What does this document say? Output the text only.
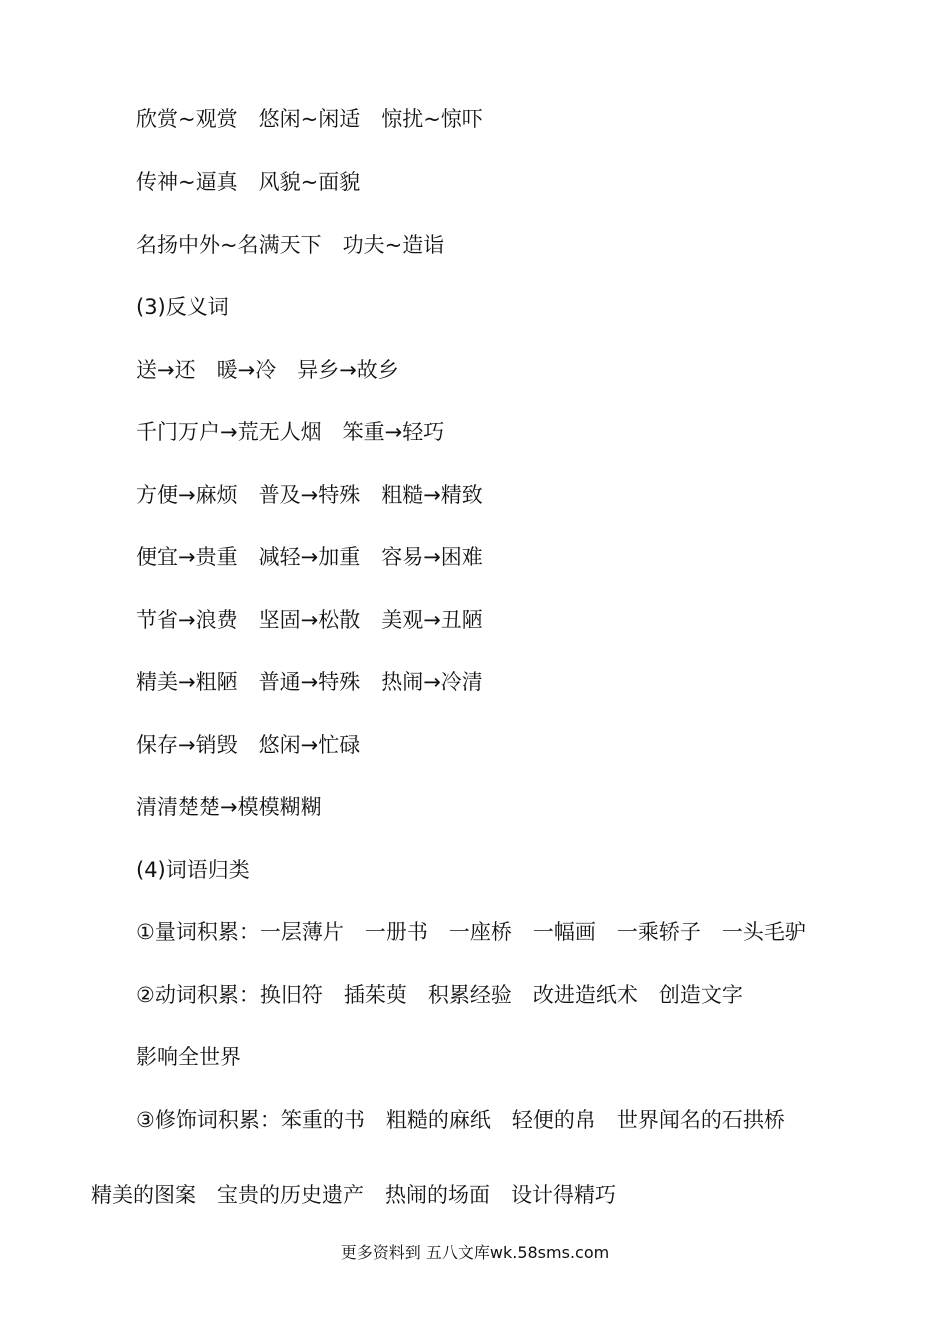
欣赏~观赏　悠闲~闲适　惊扰~惊吓

传神~逼真　风貌~面貌

名扬中外~名满天下　功夫~造诣

(3)反义词

送→还　暖→冷　异乡→故乡

千门万户→荒无人烟　笨重→轻巧

方便→麻烦　普及→特殊　粗糙→精致

便宜→贵重　减轻→加重　容易→困难

节省→浪费　坚固→松散　美观→丑陋

精美→粗陋　普通→特殊　热闹→冷清

保存→销毁　悠闲→忙碌

清清楚楚→模模糊糊

(4)词语归类

①量词积累：一层薄片　一册书　一座桥　一幅画　一乘轿子　一头毛驴

②动词积累：换旧符　插茱萸　积累经验　改进造纸术　创造文字

影响全世界

③修饰词积累：笨重的书　粗糙的麻纸　轻便的帛　世界闻名的石拱桥

精美的图案　宝贵的历史遗产　热闹的场面　设计得精巧

更多资料到 五八文库wk.58sms.com
